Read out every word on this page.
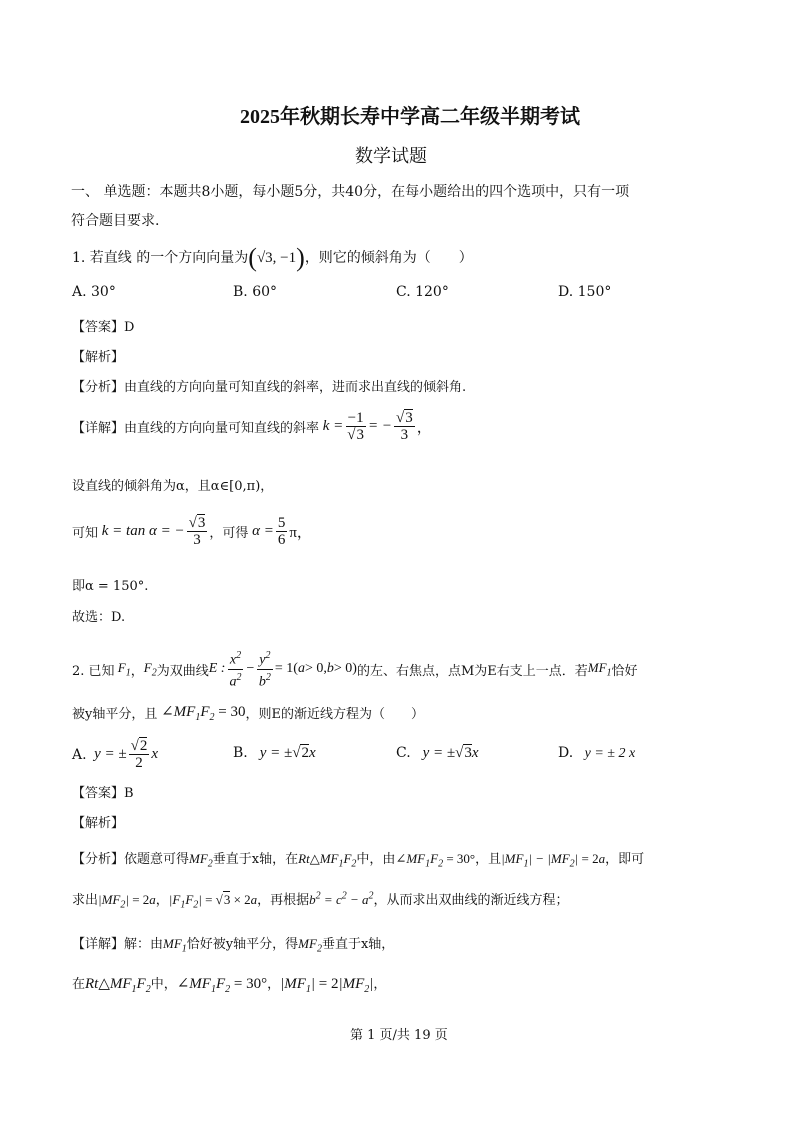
2025年秋期长寿中学高二年级半期考试
数学试题
一、 单选题：本题共8小题，每小题5分，共40分，在每小题给出的四个选项中，只有一项
符合题目要求.
1. 若直线 的一个方向向量为(√3, −1)，则它的倾斜角为（　　）
A. 30°	B. 60°	C. 120°	D. 150°
【答案】D
【解析】
【分析】由直线的方向向量可知直线的斜率，进而求出直线的倾斜角.
【详解】由直线的方向向量可知直线的斜率 $k = \frac{-1}{√3}$ = − $\frac{√3}{3}$ ，
设直线的倾斜角为α，且α∈[0,π)，
可知 k = tan α = − $\frac{√3}{3}$ ，可得 $\alpha = \frac{5}{6}$ π，
即α = 150°.
故选：D.
2. 已知 $F_1$ ， $F_2$ 为双曲线 E : $\frac{x^2}{a^2} - \frac{y^2}{b^2} = 1$( a > 0, b > 0) 的左、右焦点，点M为E右支上一点．若 $MF_1$ 恰好
被y轴平分，且 $\angle MF_1F_2 = 30$ ，则E的渐近线方程为（　　）
A. y = ± $\frac{√2}{2}$ x	B.   y = ±√2x	C.   y = ±√3x	D.   y = ± 2 x
【答案】B
【解析】
【分析】依题意可得$MF_2$垂直于x轴，在$Rt\triangle MF_1F_2$中，由$\angle MF_1F_2 = 30^\circ$，且$|MF_1| - |MF_2| = 2a$，即可
求出$|MF_2| = 2a$，$|F_1F_2| = √3 \times 2a$，再根据$b^2 = c^2 - a^2$，从而求出双曲线的渐近线方程；
【详解】解：由$MF_1$恰好被y轴平分，得$MF_2$垂直于x轴，
在$Rt\triangle MF_1F_2$中，$\angle MF_1F_2 = 30^\circ$，$|MF_1| = 2|MF_2|$，
第 1 页/共 19 页
